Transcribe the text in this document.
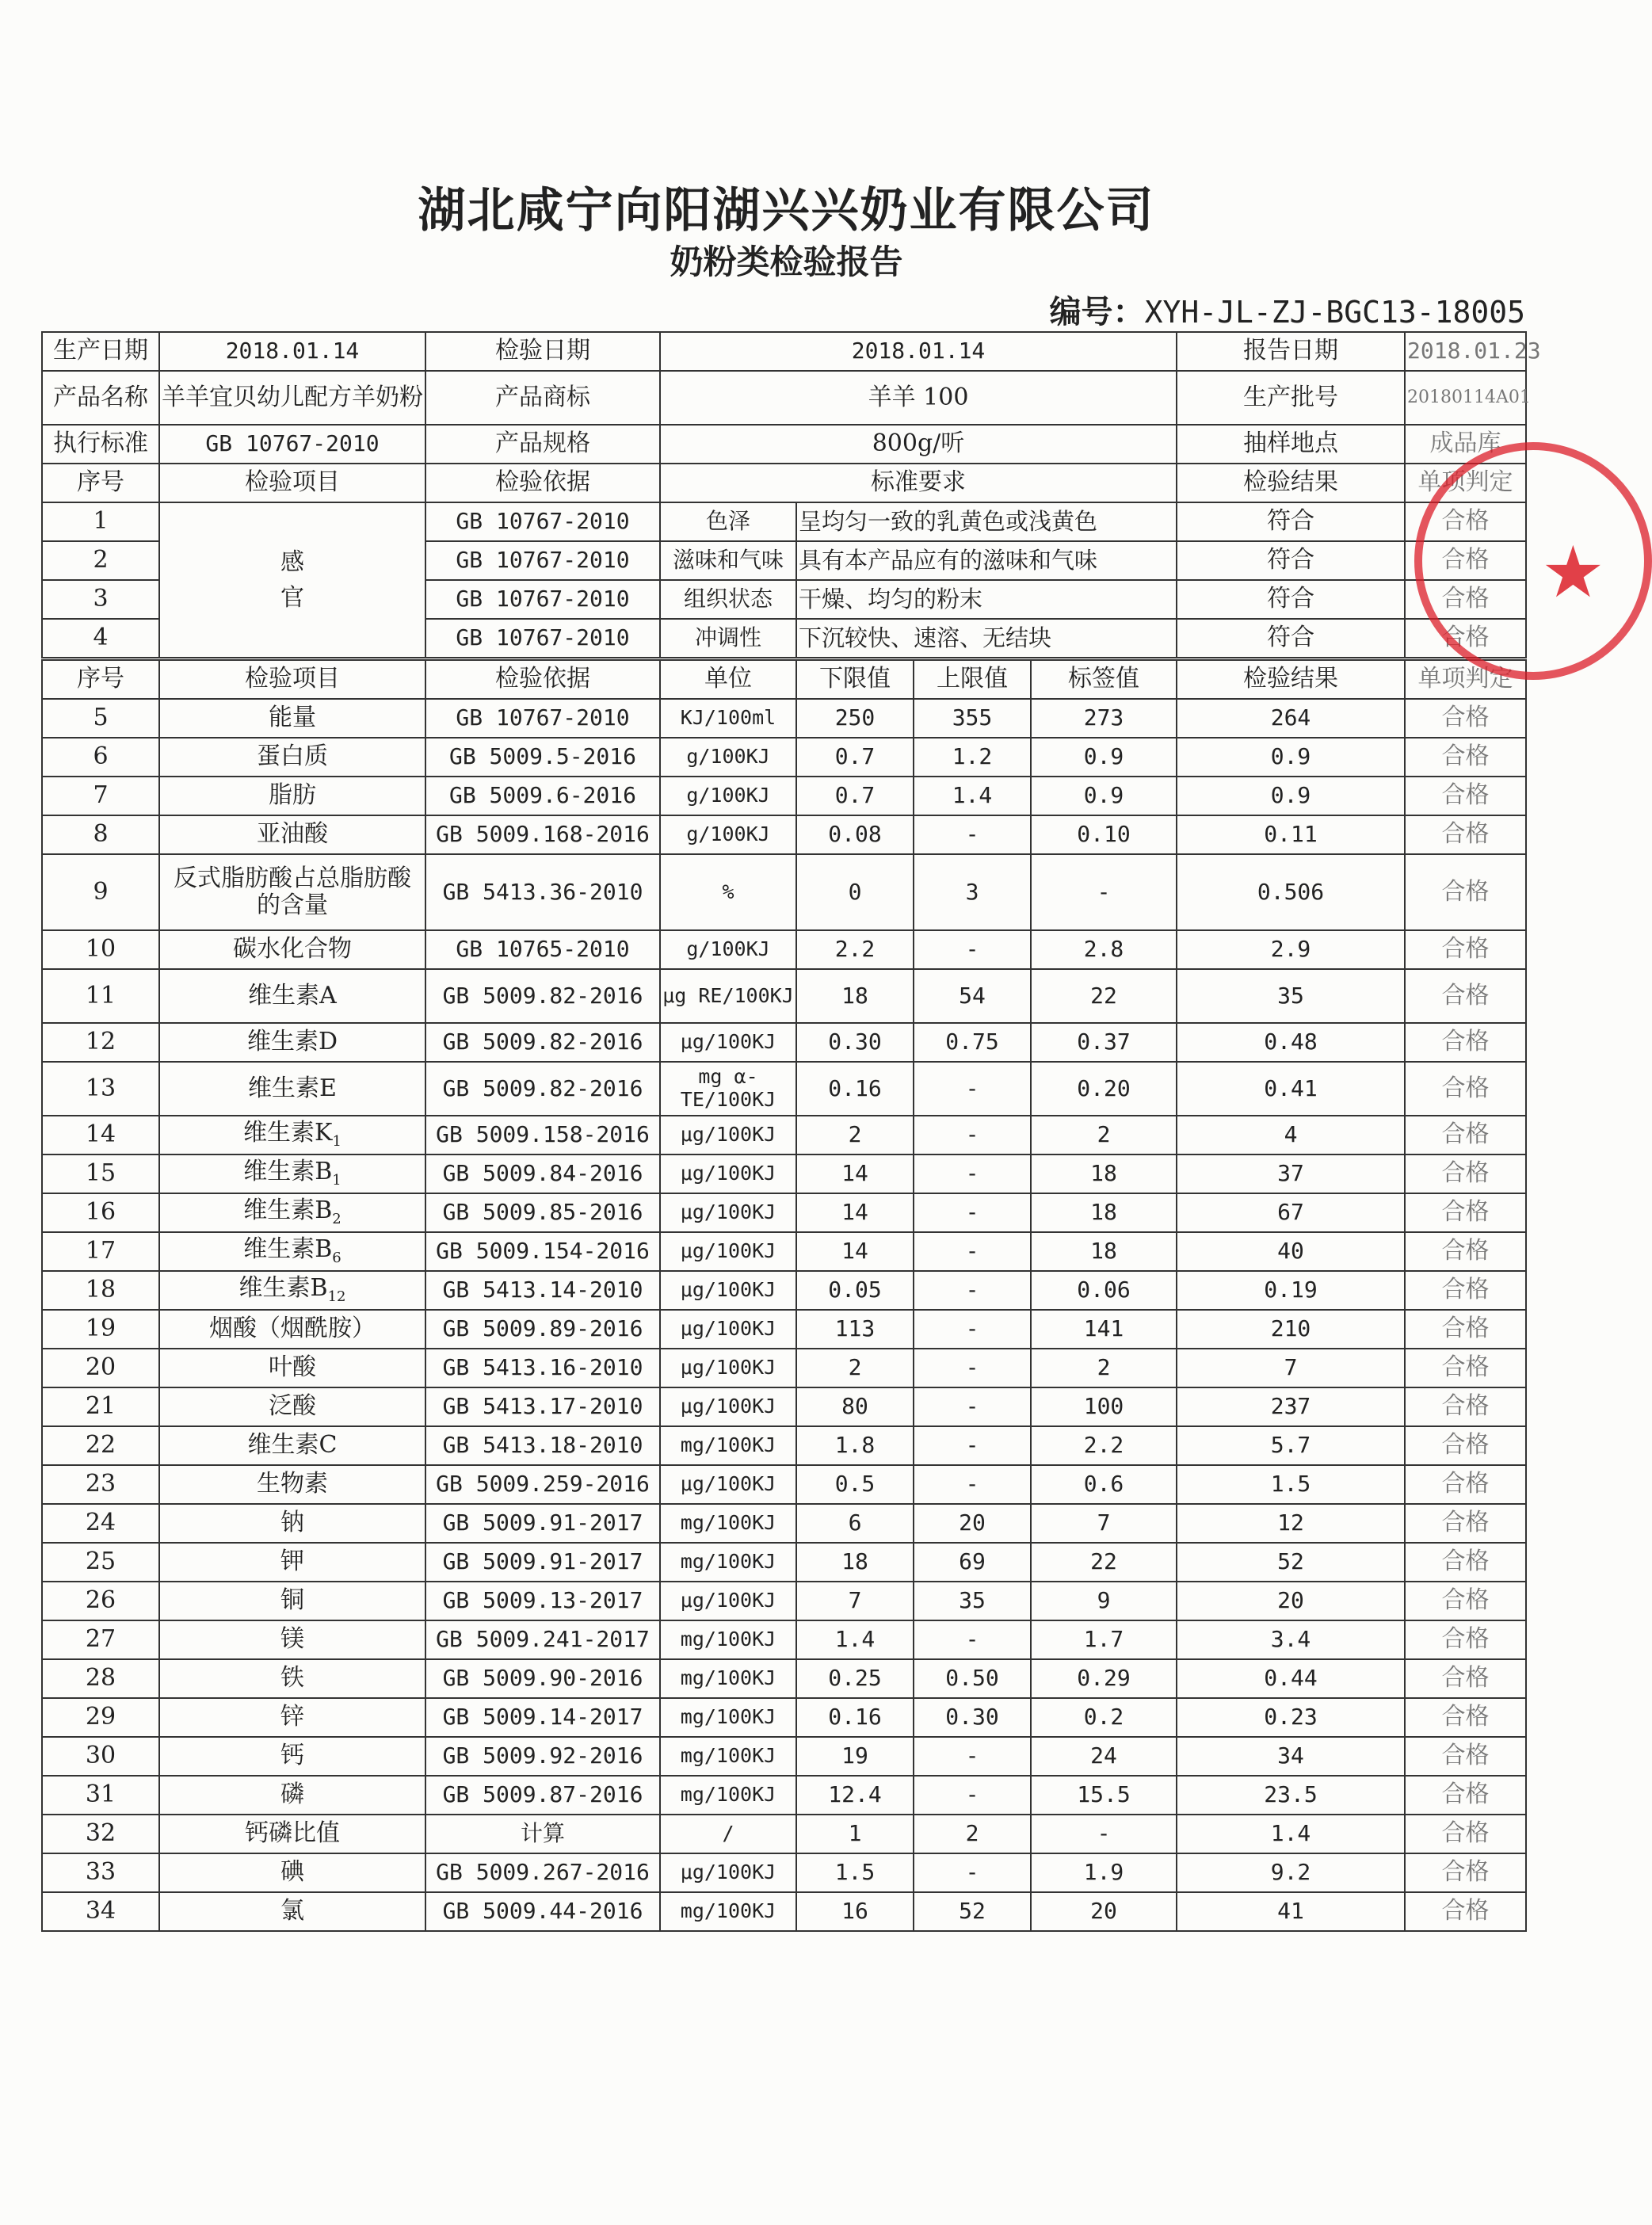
湖北咸宁向阳湖兴兴奶业有限公司
奶粉类检验报告
编号：XYH-JL-ZJ-BGC13-18005
生产日期	2018.01.14	检验日期	2018.01.14				报告日期	2018.01.23
产品名称	羊羊宜贝幼儿配方羊奶粉	产品商标	羊羊 100				生产批号	20180114A01
执行标准	GB 10767-2010	产品规格	800g/听				抽样地点	成品库
序号	检验项目	检验依据	标准要求				检验结果	单项判定
1	感官	GB 10767-2010	色泽	呈均匀一致的乳黄色或浅黄色			符合	合格
2		GB 10767-2010	滋味和气味	具有本产品应有的滋味和气味			符合	合格
3		GB 10767-2010	组织状态	干燥、均匀的粉末			符合	合格
4		GB 10767-2010	冲调性	下沉较快、速溶、无结块			符合	合格
序号	检验项目	检验依据	单位	下限值	上限值	标签值	检验结果	单项判定
5	能量	GB 10767-2010	KJ/100ml	250	355	273	264	合格
6	蛋白质	GB 5009.5-2016	g/100KJ	0.7	1.2	0.9	0.9	合格
7	脂肪	GB 5009.6-2016	g/100KJ	0.7	1.4	0.9	0.9	合格
8	亚油酸	GB 5009.168-2016	g/100KJ	0.08	-	0.10	0.11	合格
9	反式脂肪酸占总脂肪酸的含量	GB 5413.36-2010	%	0	3	-	0.506	合格
10	碳水化合物	GB 10765-2010	g/100KJ	2.2	-	2.8	2.9	合格
11	维生素A	GB 5009.82-2016	μg RE/100KJ	18	54	22	35	合格
12	维生素D	GB 5009.82-2016	μg/100KJ	0.30	0.75	0.37	0.48	合格
13	维生素E	GB 5009.82-2016	mg α-TE/100KJ	0.16	-	0.20	0.41	合格
14	维生素$K_1$	GB 5009.158-2016	μg/100KJ	2	-	2	4	合格
15	维生素$B_1$	GB 5009.84-2016	μg/100KJ	14	-	18	37	合格
16	维生素$B_2$	GB 5009.85-2016	μg/100KJ	14	-	18	67	合格
17	维生素$B_6$	GB 5009.154-2016	μg/100KJ	14	-	18	40	合格
18	维生素$B_{12}$	GB 5413.14-2010	μg/100KJ	0.05	-	0.06	0.19	合格
19	烟酸（烟酰胺）	GB 5009.89-2016	μg/100KJ	113	-	141	210	合格
20	叶酸	GB 5413.16-2010	μg/100KJ	2	-	2	7	合格
21	泛酸	GB 5413.17-2010	μg/100KJ	80	-	100	237	合格
22	维生素C	GB 5413.18-2010	mg/100KJ	1.8	-	2.2	5.7	合格
23	生物素	GB 5009.259-2016	μg/100KJ	0.5	-	0.6	1.5	合格
24	钠	GB 5009.91-2017	mg/100KJ	6	20	7	12	合格
25	钾	GB 5009.91-2017	mg/100KJ	18	69	22	52	合格
26	铜	GB 5009.13-2017	μg/100KJ	7	35	9	20	合格
27	镁	GB 5009.241-2017	mg/100KJ	1.4	-	1.7	3.4	合格
28	铁	GB 5009.90-2016	mg/100KJ	0.25	0.50	0.29	0.44	合格
29	锌	GB 5009.14-2017	mg/100KJ	0.16	0.30	0.2	0.23	合格
30	钙	GB 5009.92-2016	mg/100KJ	19	-	24	34	合格
31	磷	GB 5009.87-2016	mg/100KJ	12.4	-	15.5	23.5	合格
32	钙磷比值	计算	/	1	2	-	1.4	合格
33	碘	GB 5009.267-2016	μg/100KJ	1.5	-	1.9	9.2	合格
34	氯	GB 5009.44-2016	mg/100KJ	16	52	20	41	合格
★
